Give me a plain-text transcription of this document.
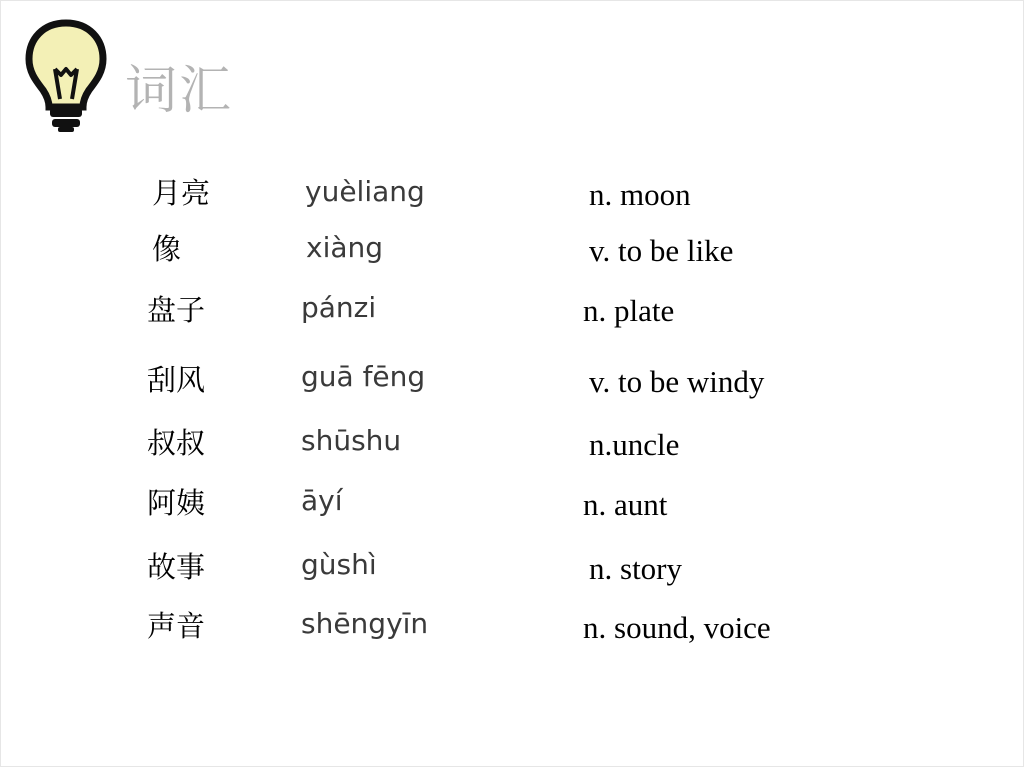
词汇
月亮	yuèliang	n. moon
像	xiàng	v. to be like
盘子	pánzi	n. plate
刮风	guā fēng	v. to be windy
叔叔	shūshu	n.uncle
阿姨	āyí	n. aunt
故事	gùshì	n. story
声音	shēngyīn	n. sound, voice
